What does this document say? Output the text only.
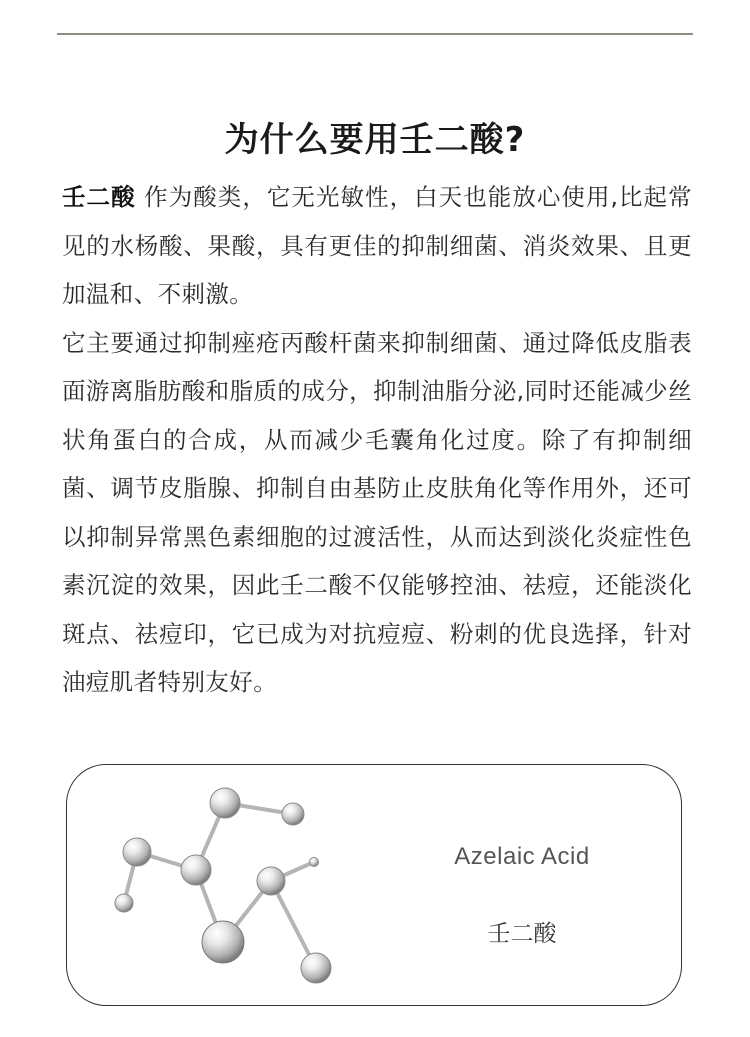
为什么要用壬二酸?

壬二酸 作为酸类，它无光敏性，白天也能放心使用,比起常见的水杨酸、果酸，具有更佳的抑制细菌、消炎效果、且更加温和、不刺激。

它主要通过抑制痤疮丙酸杆菌来抑制细菌、通过降低皮脂表面游离脂肪酸和脂质的成分，抑制油脂分泌,同时还能减少丝状角蛋白的合成，从而减少毛囊角化过度。除了有抑制细菌、调节皮脂腺、抑制自由基防止皮肤角化等作用外，还可以抑制异常黑色素细胞的过渡活性，从而达到淡化炎症性色素沉淀的效果，因此壬二酸不仅能够控油、祛痘，还能淡化斑点、祛痘印，它已成为对抗痘痘、粉刺的优良选择，针对油痘肌者特别友好。

Azelaic Acid
壬二酸
